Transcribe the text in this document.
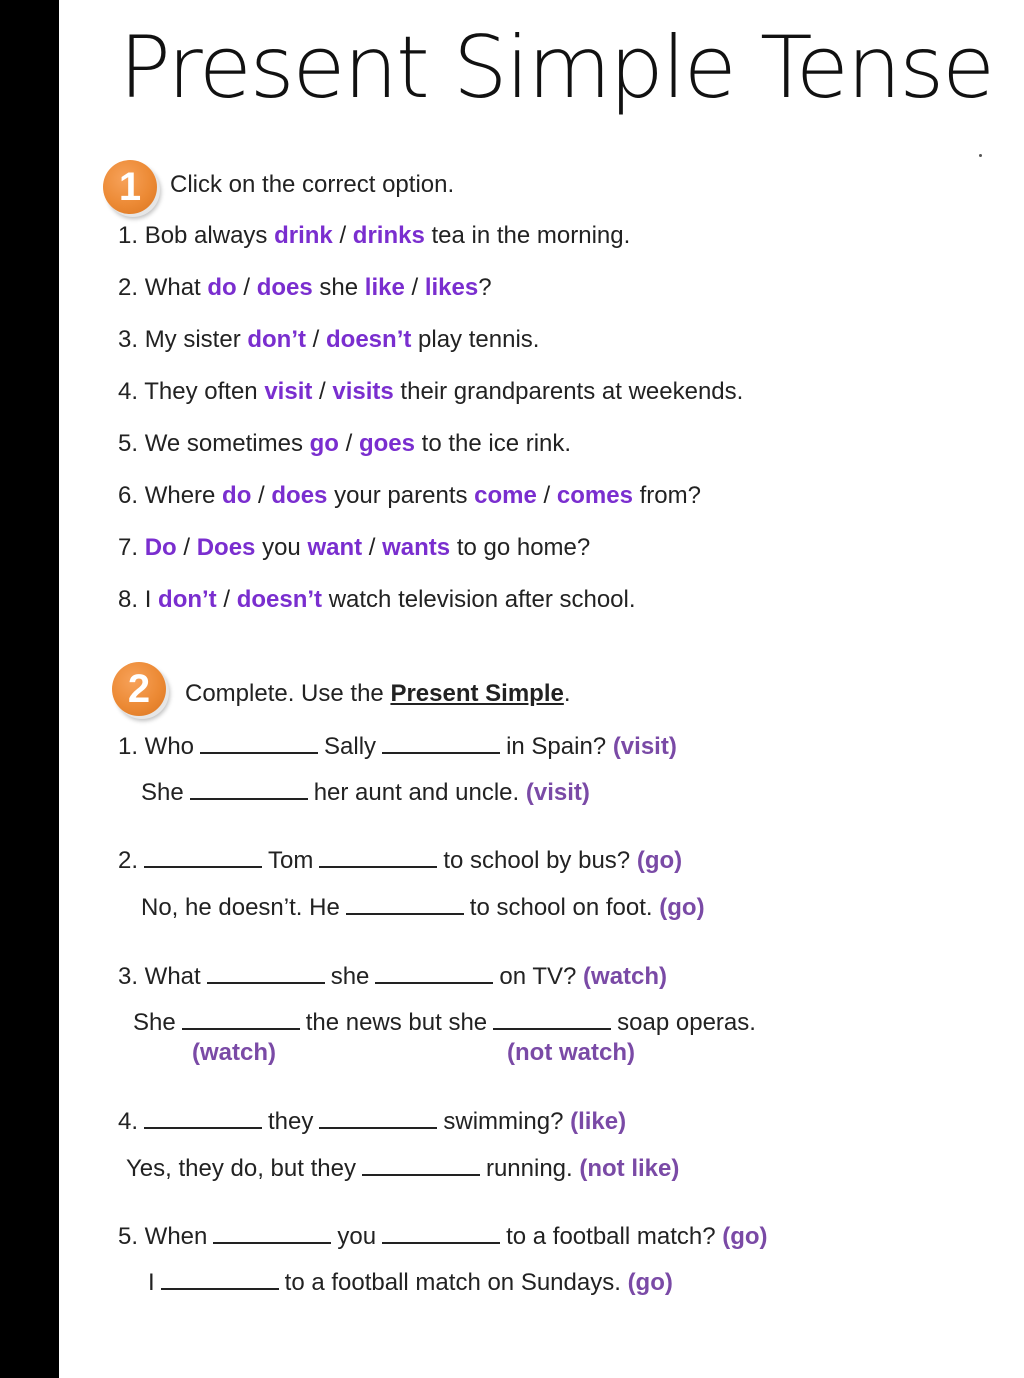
Present Simple Tense
1	Click on the correct option.
1. Bob always drink / drinks tea in the morning.
2. What do / does she like / likes?
3. My sister don’t / doesn’t play tennis.
4. They often visit / visits their grandparents at weekends.
5. We sometimes go / goes to the ice rink.
6. Where do / does your parents come / comes from?
7. Do / Does you want / wants to go home?
8. I don’t / doesn’t watch television after school.
2	Complete. Use the Present Simple.
1. Who	Sally	in Spain? (visit)
She	her aunt and uncle. (visit)
2.	Tom	to school by bus? (go)
No, he doesn’t. He	to school on foot. (go)
3. What	she	on TV? (watch)
She	the news but she	soap operas.
(watch)	(not watch)
4.	they	swimming? (like)
Yes, they do, but they	running. (not like)
5. When	you	to a football match? (go)
I	to a football match on Sundays. (go)
